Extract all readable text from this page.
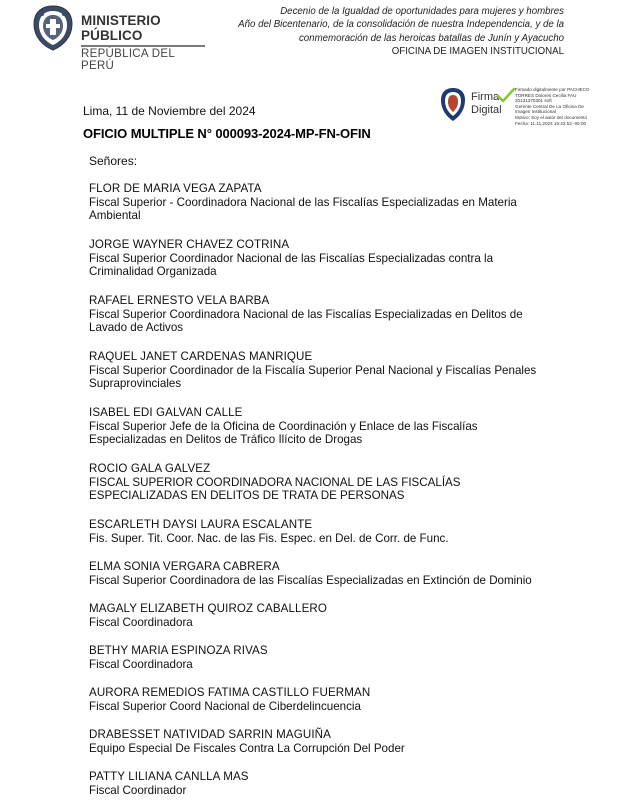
MINISTERIO PÚBLICO
REPÚBLICA DEL PERÚ
Decenio de la Igualdad de oportunidades para mujeres y hombres
Año del Bicentenario, de la consolidación de nuestra Independencia, y de la
conmemoración de las heroicas batallas de Junín y Ayacucho
OFICINA DE IMAGEN INSTITUCIONAL
Firma
Digital
Firmado digitalmente por PACHECO
TORRES Dolores Cecilia FAU
20131370301 soft
Gerente Central De La Oficina De
Imagen Institucional
Motivo: Soy el autor del documento
Fecha: 11.11.2024 15:42:53 -05:00
Lima, 11 de Noviembre del 2024
OFICIO MULTIPLE N° 000093-2024-MP-FN-OFIN
Señores:
FLOR DE MARIA VEGA ZAPATA
Fiscal Superior - Coordinadora Nacional de las Fiscalías Especializadas en Materia
Ambiental
JORGE WAYNER CHAVEZ COTRINA
Fiscal Superior Coordinador Nacional de las Fiscalías Especializadas contra la
Criminalidad Organizada
RAFAEL ERNESTO VELA BARBA
Fiscal Superior Coordinadora Nacional de las Fiscalías Especializadas en Delitos de
Lavado de Activos
RAQUEL JANET CARDENAS MANRIQUE
Fiscal Superior Coordinador de la Fiscalía Superior Penal Nacional y Fiscalías Penales
Supraprovinciales
ISABEL EDI GALVAN CALLE
Fiscal Superior Jefe de la Oficina de Coordinación y Enlace de las Fiscalías
Especializadas en Delitos de Tráfico Ilícito de Drogas
ROCIO GALA GALVEZ
FISCAL SUPERIOR COORDINADORA NACIONAL DE LAS FISCALÍAS
ESPECIALIZADAS EN DELITOS DE TRATA DE PERSONAS
ESCARLETH DAYSI LAURA ESCALANTE
Fis. Super. Tit. Coor. Nac. de las Fis. Espec. en Del. de Corr. de Func.
ELMA SONIA VERGARA CABRERA
Fiscal Superior Coordinadora de las Fiscalías Especializadas en Extinción de Dominio
MAGALY ELIZABETH QUIROZ CABALLERO
Fiscal Coordinadora
BETHY MARIA ESPINOZA RIVAS
Fiscal Coordinadora
AURORA REMEDIOS FATIMA CASTILLO FUERMAN
Fiscal Superior Coord Nacional de Ciberdelincuencia
DRABESSET NATIVIDAD SARRIN MAGUIÑA
Equipo Especial De Fiscales Contra La Corrupción Del Poder
PATTY LILIANA CANLLA MAS
Fiscal Coordinador
